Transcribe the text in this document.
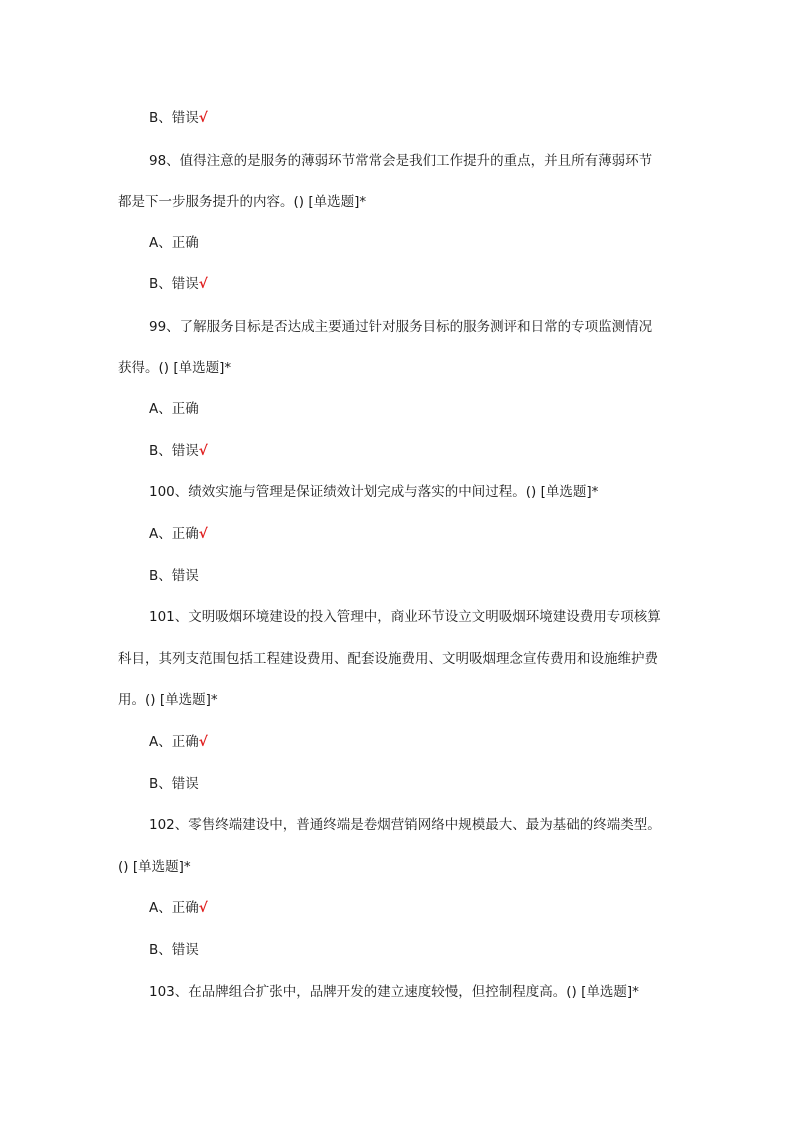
B、错误√
98、值得注意的是服务的薄弱环节常常会是我们工作提升的重点，并且所有薄弱环节
都是下一步服务提升的内容。() [单选题]*
A、正确
B、错误√
99、了解服务目标是否达成主要通过针对服务目标的服务测评和日常的专项监测情况
获得。() [单选题]*
A、正确
B、错误√
100、绩效实施与管理是保证绩效计划完成与落实的中间过程。() [单选题]*
A、正确√
B、错误
101、文明吸烟环境建设的投入管理中，商业环节设立文明吸烟环境建设费用专项核算
科目，其列支范围包括工程建设费用、配套设施费用、文明吸烟理念宣传费用和设施维护费
用。() [单选题]*
A、正确√
B、错误
102、零售终端建设中，普通终端是卷烟营销网络中规模最大、最为基础的终端类型。
() [单选题]*
A、正确√
B、错误
103、在品牌组合扩张中，品牌开发的建立速度较慢，但控制程度高。() [单选题]*
